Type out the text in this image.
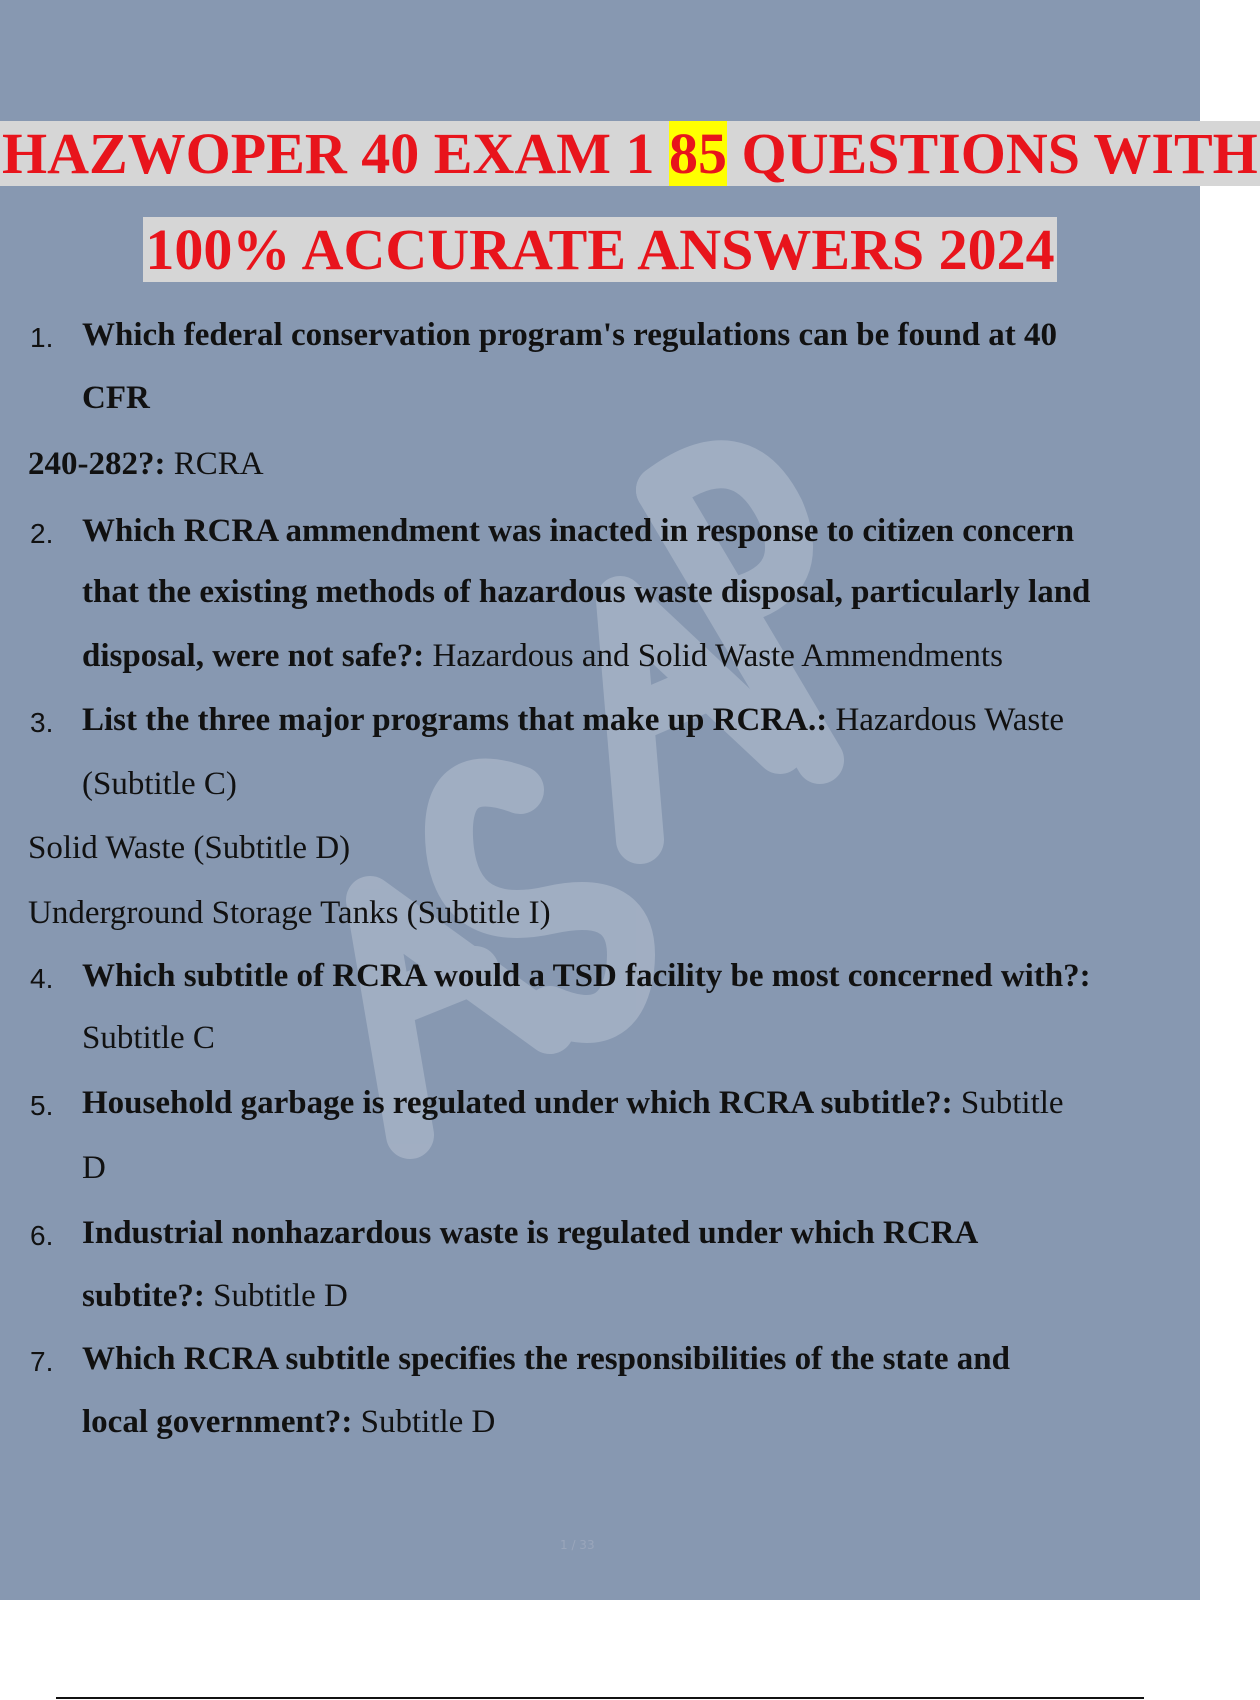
HAZWOPER 40 EXAM 1 85 QUESTIONS WITH
100% ACCURATE ANSWERS 2024
1. Which federal conservation program's regulations can be found at 40
CFR
240-282?: RCRA
2. Which RCRA ammendment was inacted in response to citizen concern
that the existing methods of hazardous waste disposal, particularly land
disposal, were not safe?: Hazardous and Solid Waste Ammendments
3. List the three major programs that make up RCRA.: Hazardous Waste
(Subtitle C)
Solid Waste (Subtitle D)
Underground Storage Tanks (Subtitle I)
4. Which subtitle of RCRA would a TSD facility be most concerned with?:
Subtitle C
5. Household garbage is regulated under which RCRA subtitle?: Subtitle
D
6. Industrial nonhazardous waste is regulated under which RCRA
subtite?: Subtitle D
7. Which RCRA subtitle specifies the responsibilities of the state and
local government?: Subtitle D
1 / 33
